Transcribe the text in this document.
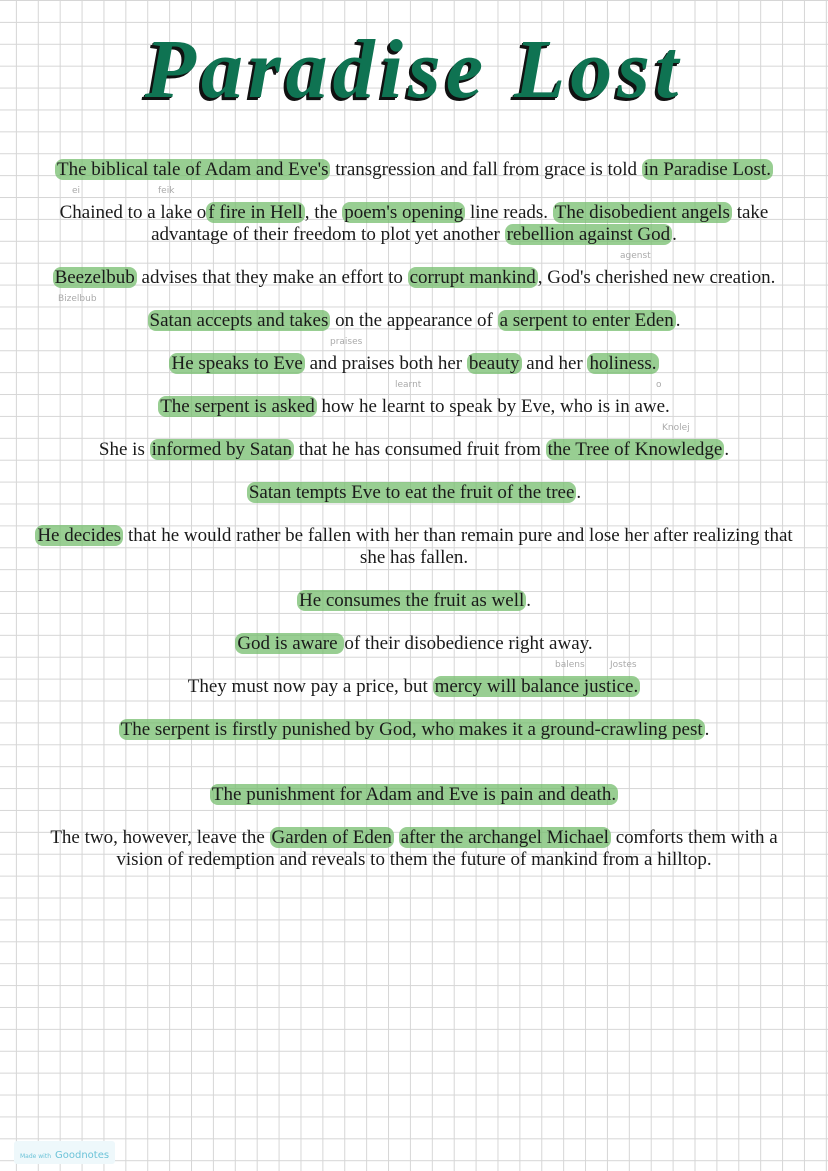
Paradise Lost
The biblical tale of Adam and Eve's transgression and fall from grace is told in Paradise Lost.
ei	feik
Chained to a lake o f fire in Hell , the poem's opening line reads. The disobedient angels take advantage of their freedom to plot yet another rebellion against God .
agenst
Beezelbub advises that they make an effort to corrupt mankind , God's cherished new creation.
Bizelbub
Satan accepts and takes on the appearance of a serpent to enter Eden .
praises
He speaks to Eve and praises both her beauty and her holiness.
learnt	o
The serpent is asked how he learnt to speak by Eve, who is in awe.
Knolej
She is informed by Satan that he has consumed fruit from the Tree of Knowledge .
Satan tempts Eve to eat the fruit of the tree .
He decides that he would rather be fallen with her than remain pure and lose her after realizing that she has fallen.
He consumes the fruit as well .
God is aware of their disobedience right away.
balens	Jostes
They must now pay a price, but mercy will balance justice.
The serpent is firstly punished by God, who makes it a ground-crawling pest .
The punishment for Adam and Eve is pain and death.
The two, however, leave the Garden of Eden after the archangel Michael comforts them with a vision of redemption and reveals to them the future of mankind from a hilltop.
Made with Goodnotes
